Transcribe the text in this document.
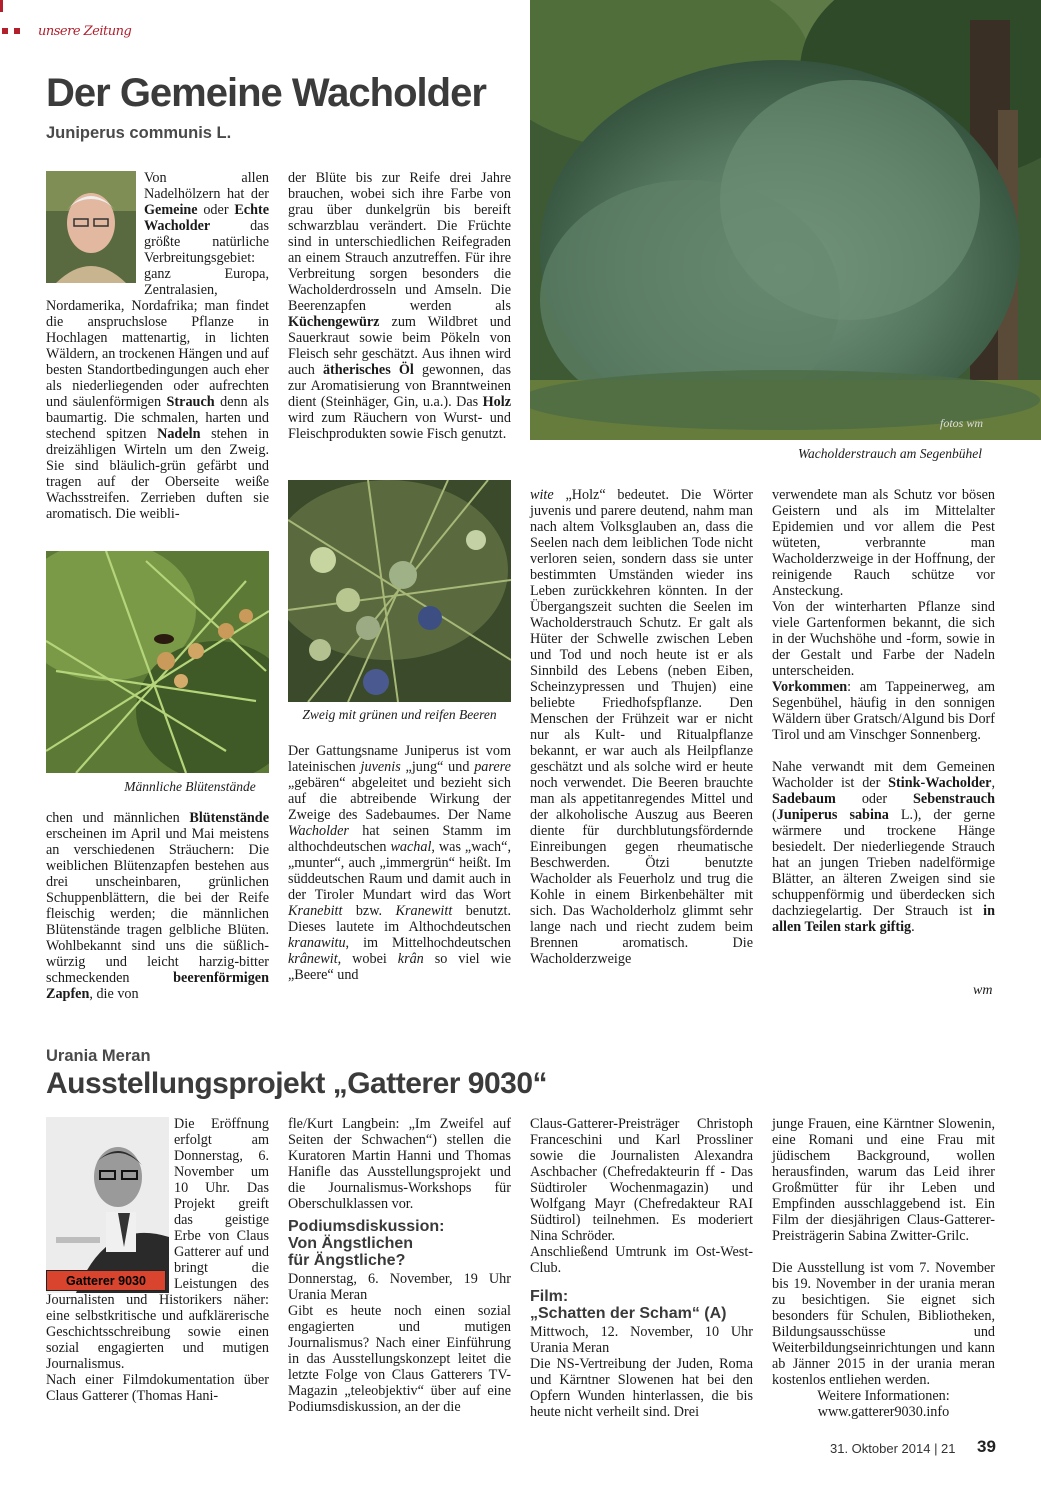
unsere Zeitung
Der Gemeine Wacholder
Juniperus communis L.
fotos wm
Wacholderstrauch am Segenbühel

Von allen Nadelhölzern hat der Gemeine oder Echte Wacholder das größte natürliche Verbreitungsgebiet: ganz Europa, Zentralasien, Nordamerika, Nordafrika; man findet die anspruchslose Pflanze in Hochlagen mattenartig, in lichten Wäldern, an trockenen Hängen und auf besten Standortbedingungen auch eher als niederliegenden oder aufrechten und säulenförmigen Strauch denn als baumartig. Die schmalen, harten und stechend spitzen Nadeln stehen in dreizähligen Wirteln um den Zweig. Sie sind bläulich-grün gefärbt und tragen auf der Oberseite weiße Wachsstreifen. Zerrieben duften sie aromatisch. Die weibli-

Männliche Blütenstände

chen und männlichen Blütenstände erscheinen im April und Mai meistens an verschiedenen Sträuchern: Die weiblichen Blütenzapfen bestehen aus drei unscheinbaren, grünlichen Schuppenblättern, die bei der Reife fleischig werden; die männlichen Blütenstände tragen gelbliche Blüten. Wohlbekannt sind uns die süßlich-würzig und leicht harzig-bitter schmeckenden beerenförmigen Zapfen, die von

der Blüte bis zur Reife drei Jahre brauchen, wobei sich ihre Farbe von grau über dunkelgrün bis bereift schwarzblau verändert. Die Früchte sind in unterschiedlichen Reifegraden an einem Strauch anzutreffen. Für ihre Verbreitung sorgen besonders die Wacholderdrosseln und Amseln. Die Beerenzapfen werden als Küchengewürz zum Wildbret und Sauerkraut sowie beim Pökeln von Fleisch sehr geschätzt. Aus ihnen wird auch ätherisches Öl gewonnen, das zur Aromatisierung von Branntweinen dient (Steinhäger, Gin, u.a.). Das Holz wird zum Räuchern von Wurst- und Fleischprodukten sowie Fisch genutzt.

Zweig mit grünen und reifen Beeren

Der Gattungsname Juniperus ist vom lateinischen juvenis „jung“ und parere „gebären“ abgeleitet und bezieht sich auf die abtreibende Wirkung der Zweige des Sadebaumes. Der Name Wacholder hat seinen Stamm im althochdeutschen wachal, was „wach“, „munter“, auch „immergrün“ heißt. Im süddeutschen Raum und damit auch in der Tiroler Mundart wird das Wort Kranebitt bzw. Kranewitt benutzt. Dieses lautete im Althochdeutschen kranawitu, im Mittelhochdeutschen krânewit, wobei krân so viel wie „Beere“ und

wite „Holz“ bedeutet. Die Wörter juvenis und parere deutend, nahm man nach altem Volksglauben an, dass die Seelen nach dem leiblichen Tode nicht verloren seien, sondern dass sie unter bestimmten Umständen wieder ins Leben zurückkehren könnten. In der Übergangszeit suchten die Seelen im Wacholderstrauch Schutz. Er galt als Hüter der Schwelle zwischen Leben und Tod und noch heute ist er als Sinnbild des Lebens (neben Eiben, Scheinzypressen und Thujen) eine beliebte Friedhofspflanze. Den Menschen der Frühzeit war er nicht nur als Kult- und Ritualpflanze bekannt, er war auch als Heilpflanze geschätzt und als solche wird er heute noch verwendet. Die Beeren brauchte man als appetitanregendes Mittel und der alkoholische Auszug aus Beeren diente für durchblutungsfördernde Einreibungen gegen rheumatische Beschwerden. Ötzi benutzte Wacholder als Feuerholz und trug die Kohle in einem Birkenbehälter mit sich. Das Wacholderholz glimmt sehr lange nach und riecht zudem beim Brennen aromatisch. Die Wacholderzweige

verwendete man als Schutz vor bösen Geistern und als im Mittelalter Epidemien und vor allem die Pest wüteten, verbrannte man Wacholderzweige in der Hoffnung, der reinigende Rauch schütze vor Ansteckung.

Von der winterharten Pflanze sind viele Gartenformen bekannt, die sich in der Wuchshöhe und -form, sowie in der Gestalt und Farbe der Nadeln unterscheiden.

Vorkommen: am Tappeinerweg, am Segenbühel, häufig in den sonnigen Wäldern über Gratsch/Algund bis Dorf Tirol und am Vinschger Sonnenberg.

Nahe verwandt mit dem Gemeinen Wacholder ist der Stink-Wacholder, Sadebaum oder Sebenstrauch (Juniperus sabina L.), der gerne wärmere und trockene Hänge besiedelt. Der niederliegende Strauch hat an jungen Trieben nadelförmige Blätter, an älteren Zweigen sind sie schuppenförmig und überdecken sich dachziegelartig. Der Strauch ist in allen Teilen stark giftig.

wm
Urania Meran
Ausstellungsprojekt „Gatterer 9030“
Gatterer 9030

Die Eröffnung erfolgt am Donnerstag, 6. November um 10 Uhr. Das Projekt greift das geistige Erbe von Claus Gatterer auf und bringt die Leistungen des Journalisten und Historikers näher: eine selbstkritische und aufklärerische Geschichtsschreibung sowie einen sozial engagierten und mutigen Journalismus.

Nach einer Filmdokumentation über Claus Gatterer (Thomas Hani-

fle/Kurt Langbein: „Im Zweifel auf Seiten der Schwachen“) stellen die Kuratoren Martin Hanni und Thomas Hanifle das Ausstellungsprojekt und die Journalismus-Workshops für Oberschulklassen vor.

Podiumsdiskussion:
Von Ängstlichen
für Ängstliche?

Donnerstag, 6. November, 19 Uhr Urania Meran

Gibt es heute noch einen sozial engagierten und mutigen Journalismus? Nach einer Einführung in das Ausstellungskonzept leitet die letzte Folge von Claus Gatterers TV-Magazin „teleobjektiv“ über auf eine Podiumsdiskussion, an der die

Claus-Gatterer-Preisträger Christoph Franceschini und Karl Prossliner sowie die Journalisten Alexandra Aschbacher (Chefredakteurin ff - Das Südtiroler Wochenmagazin) und Wolfgang Mayr (Chefredakteur RAI Südtirol) teilnehmen. Es moderiert Nina Schröder.

Anschließend Umtrunk im Ost-West-Club.

Film:
„Schatten der Scham“ (A)

Mittwoch, 12. November, 10 Uhr Urania Meran

Die NS-Vertreibung der Juden, Roma und Kärntner Slowenen hat bei den Opfern Wunden hinterlassen, die bis heute nicht verheilt sind. Drei

junge Frauen, eine Kärntner Slowenin, eine Romani und eine Frau mit jüdischem Background, wollen herausfinden, warum das Leid ihrer Großmütter für ihr Leben und Empfinden ausschlaggebend ist. Ein Film der diesjährigen Claus-Gatterer-Preisträgerin Sabina Zwitter-Grilc.

Die Ausstellung ist vom 7. November bis 19. November in der urania meran zu besichtigen. Sie eignet sich besonders für Schulen, Bibliotheken, Bildungsausschüsse und Weiterbildungseinrichtungen und kann ab Jänner 2015 in der urania meran kostenlos entliehen werden.

Weitere Informationen:

www.gatterer9030.info

31. Oktober 2014 | 21 39
